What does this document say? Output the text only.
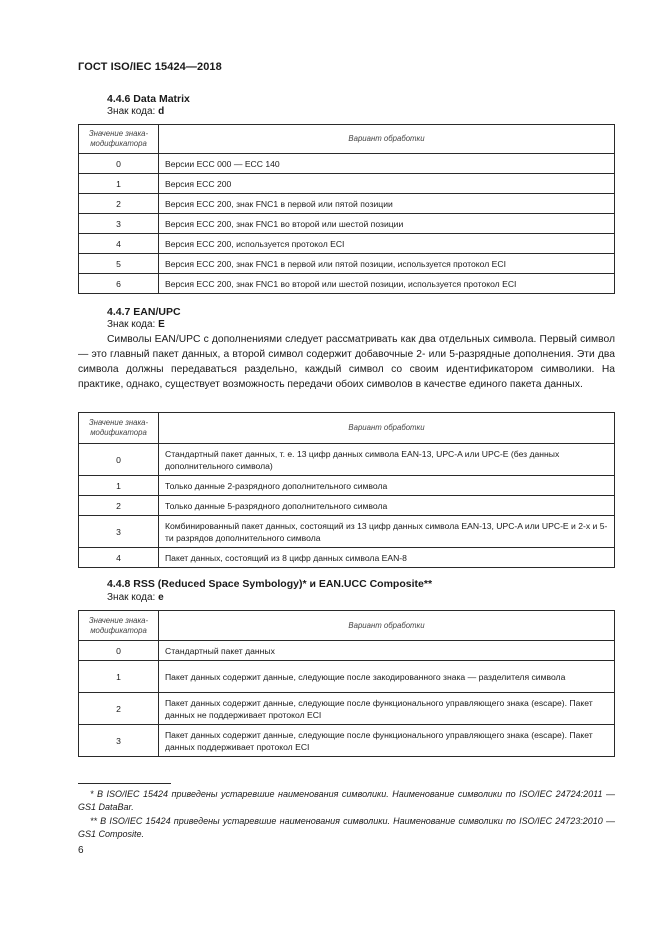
ГОСТ ISO/IEC 15424—2018
4.4.6 Data Matrix
Знак кода: d
Значение знака-модификатора	Вариант обработки
0	Версии ECC 000 — ECC 140
1	Версия ECC 200
2	Версия ECC 200, знак FNC1 в первой или пятой позиции
3	Версия ECC 200, знак FNC1 во второй или шестой позиции
4	Версия ECC 200, используется протокол ECI
5	Версия ECC 200, знак FNC1 в первой или пятой позиции, используется протокол ECI
6	Версия ECC 200, знак FNC1 во второй или шестой позиции, используется протокол ECI
4.4.7 EAN/UPC
Знак кода: E
Символы EAN/UPC с дополнениями следует рассматривать как два отдельных символа. Первый символ — это главный пакет данных, а второй символ содержит добавочные 2- или 5-разрядные дополнения. Эти два символа должны передаваться раздельно, каждый символ со своим идентификатором символики. На практике, однако, существует возможность передачи обоих символов в качестве единого пакета данных.
Значение знака-модификатора	Вариант обработки
0	Стандартный пакет данных, т. е. 13 цифр данных символа EAN-13, UPC-A или UPC-E (без данных дополнительного символа)
1	Только данные 2-разрядного дополнительного символа
2	Только данные 5-разрядного дополнительного символа
3	Комбинированный пакет данных, состоящий из 13 цифр данных символа EAN-13, UPC-A или UPC-E и 2-х и 5-ти разрядов дополнительного символа
4	Пакет данных, состоящий из 8 цифр данных символа EAN-8
4.4.8 RSS (Reduced Space Symbology)* и EAN.UCC Composite**
Знак кода: e
Значение знака-модификатора	Вариант обработки
0	Стандартный пакет данных
1	Пакет данных содержит данные, следующие после закодированного знака — разделителя символа
2	Пакет данных содержит данные, следующие после функционального управляющего знака (escape). Пакет данных не поддерживает протокол ECI
3	Пакет данных содержит данные, следующие после функционального управляющего знака (escape). Пакет данных поддерживает протокол ECI
* В ISO/IEC 15424 приведены устаревшие наименования символики. Наименование символики по ISO/IEC 24724:2011 — GS1 DataBar.
** В ISO/IEC 15424 приведены устаревшие наименования символики. Наименование символики по ISO/IEC 24723:2010 — GS1 Composite.
6
